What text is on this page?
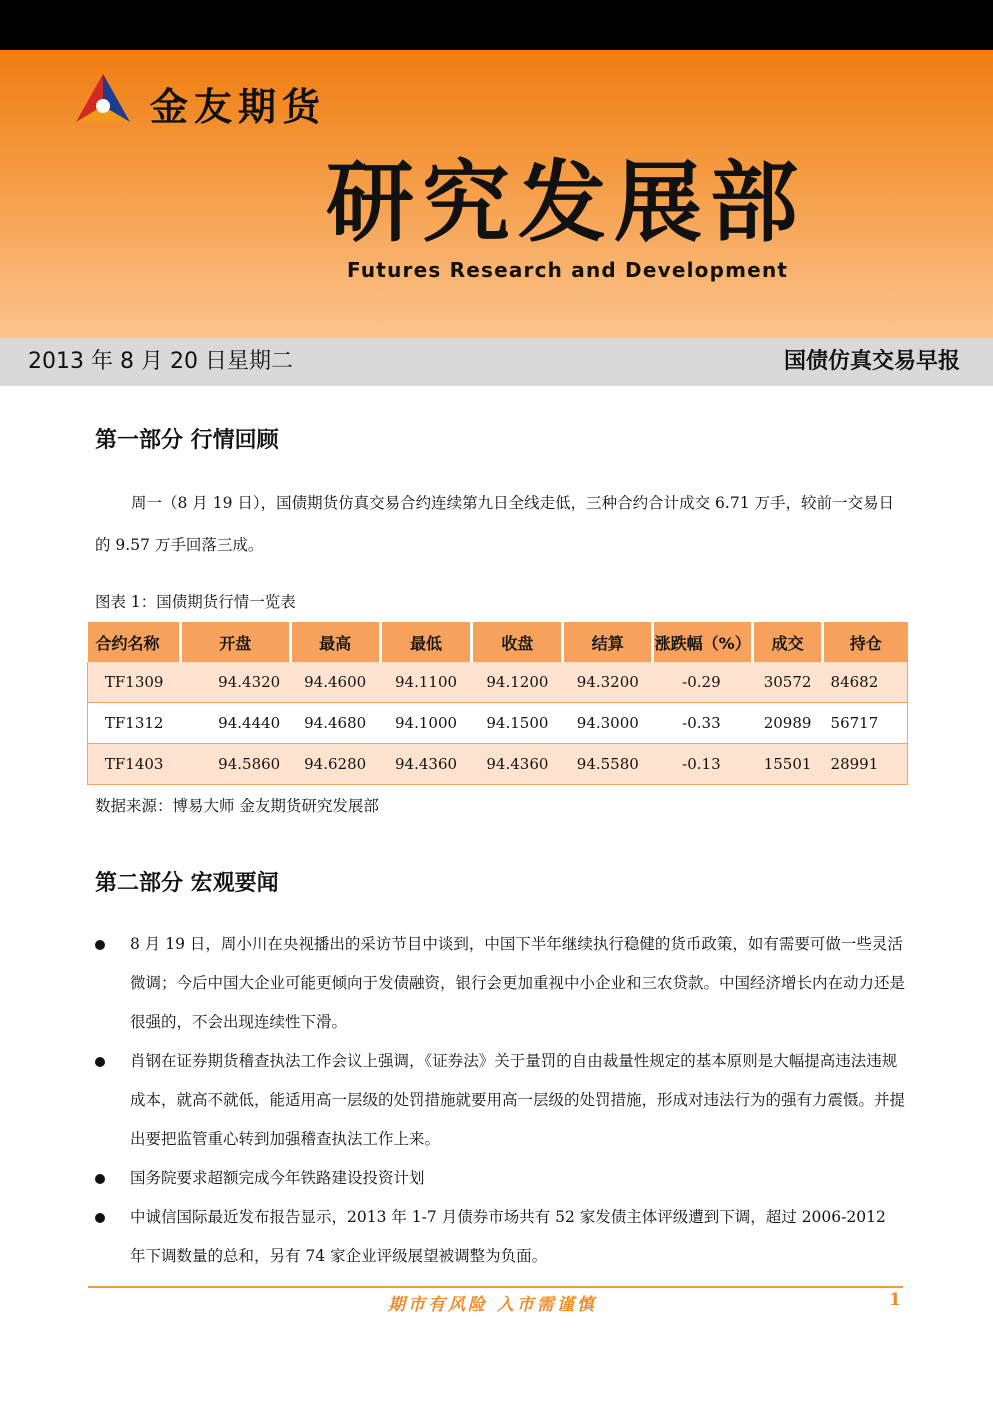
金友期货
研究发展部
Futures Research and Development
2013 年 8 月 20 日星期二	国债仿真交易早报
第一部分 行情回顾

周一（8 月 19 日），国债期货仿真交易合约连续第九日全线走低，三种合约合计成交 6.71 万手，较前一交易日的 9.57 万手回落三成。

图表 1：国债期货行情一览表
合约名称	开盘	最高	最低	收盘	结算	涨跌幅（%）	成交	持仓
TF1309	94.4320	94.4600	94.1100	94.1200	94.3200	-0.29	30572	84682
TF1312	94.4440	94.4680	94.1000	94.1500	94.3000	-0.33	20989	56717
TF1403	94.5860	94.6280	94.4360	94.4360	94.5580	-0.13	15501	28991
数据来源：博易大师 金友期货研究发展部
第二部分 宏观要闻
8 月 19 日，周小川在央视播出的采访节目中谈到，中国下半年继续执行稳健的货币政策，如有需要可做一些灵活微调；今后中国大企业可能更倾向于发债融资，银行会更加重视中小企业和三农贷款。中国经济增长内在动力还是很强的，不会出现连续性下滑。
肖钢在证券期货稽查执法工作会议上强调，《证券法》关于量罚的自由裁量性规定的基本原则是大幅提高违法违规成本，就高不就低，能适用高一层级的处罚措施就要用高一层级的处罚措施，形成对违法行为的强有力震慑。并提出要把监管重心转到加强稽查执法工作上来。
国务院要求超额完成今年铁路建设投资计划
中诚信国际最近发布报告显示，2013 年 1-7 月债券市场共有 52 家发债主体评级遭到下调，超过 2006-2012 年下调数量的总和，另有 74 家企业评级展望被调整为负面。
期市有风险 入市需谨慎	1
